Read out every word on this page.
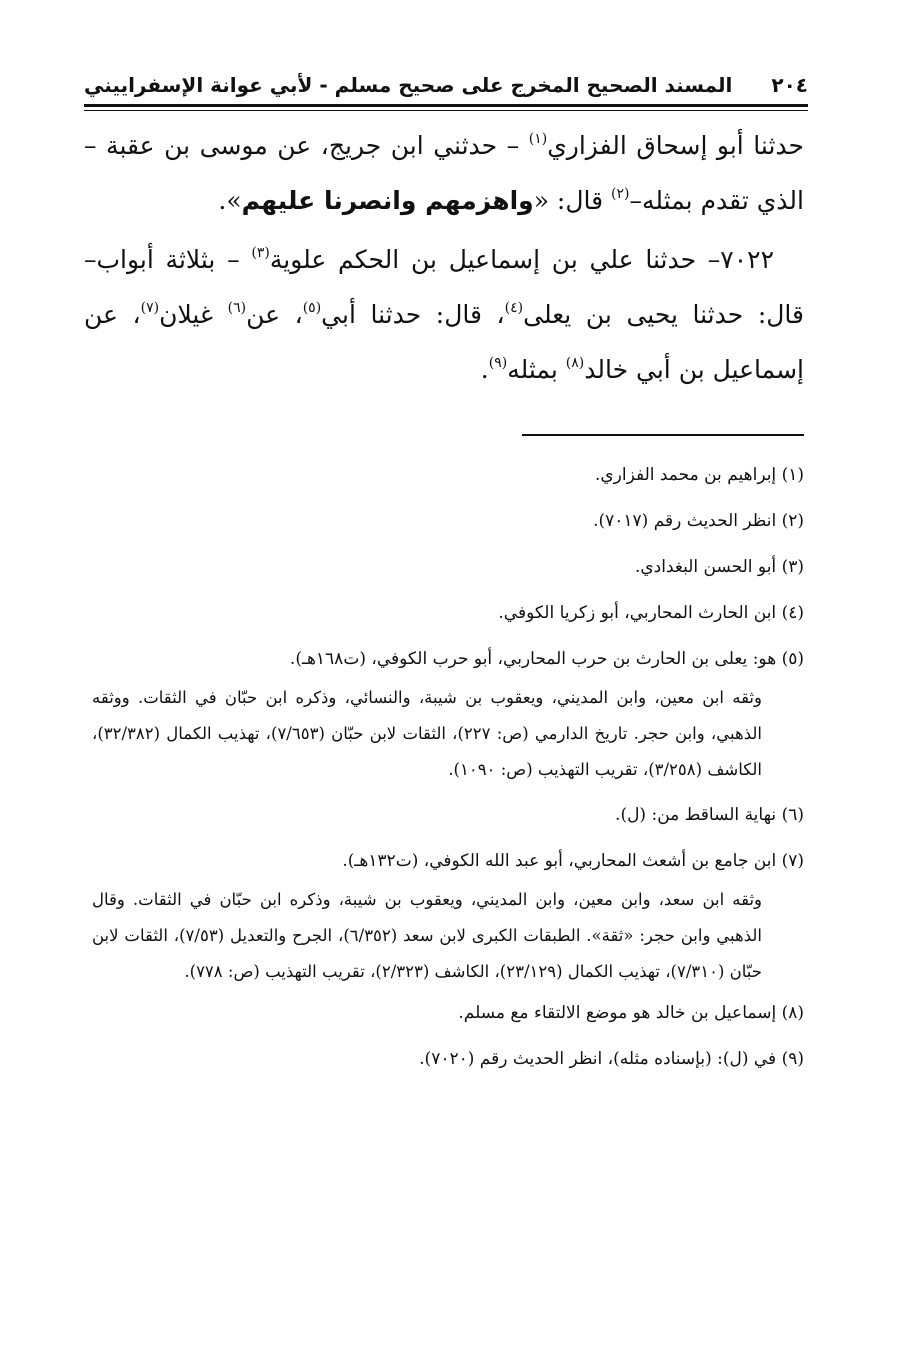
٢٠٤
المسند الصحيح المخرج على صحيح مسلم - لأبي عوانة الإسفراييني

حدثنا أبو إسحاق الفزاري$^{(١)}$ – حدثني ابن جريج، عن موسى بن عقبة – الذي تقدم بمثله–$^{(٢)}$ قال: «واهزمهم وانصرنا عليهم».

٧٠٢٢– حدثنا علي بن إسماعيل بن الحكم علوية$^{(٣)}$ – بثلاثة أبواب– قال: حدثنا يحيى بن يعلى$^{(٤)}$، قال: حدثنا أبي$^{(٥)}$، عن$^{(٦)}$ غيلان$^{(٧)}$، عن إسماعيل بن أبي خالد$^{(٨)}$ بمثله$^{(٩)}$.

(١) إبراهيم بن محمد الفزاري.
(٢) انظر الحديث رقم (٧٠١٧).
(٣) أبو الحسن البغدادي.
(٤) ابن الحارث المحاربي، أبو زكريا الكوفي.
(٥) هو: يعلى بن الحارث بن حرب المحاربي، أبو حرب الكوفي، (ت١٦٨هـ).
وثقه ابن معين، وابن المديني، ويعقوب بن شيبة، والنسائي، وذكره ابن حبّان في الثقات. ووثقه الذهبي، وابن حجر. تاريخ الدارمي (ص: ٢٢٧)، الثقات لابن حبّان (٧/٦٥٣)، تهذيب الكمال (٣٢/٣٨٢)، الكاشف (٣/٢٥٨)، تقريب التهذيب (ص: ١٠٩٠).
(٦) نهاية الساقط من: (ل).
(٧) ابن جامع بن أشعث المحاربي، أبو عبد الله الكوفي، (ت١٣٢هـ).
وثقه ابن سعد، وابن معين، وابن المديني، ويعقوب بن شيبة، وذكره ابن حبّان في الثقات. وقال الذهبي وابن حجر: «ثقة». الطبقات الكبرى لابن سعد (٦/٣٥٢)، الجرح والتعديل (٧/٥٣)، الثقات لابن حبّان (٧/٣١٠)، تهذيب الكمال (٢٣/١٢٩)، الكاشف (٢/٣٢٣)، تقريب التهذيب (ص: ٧٧٨).
(٨) إسماعيل بن خالد هو موضع الالتقاء مع مسلم.
(٩) في (ل): (بإسناده مثله)، انظر الحديث رقم (٧٠٢٠).
